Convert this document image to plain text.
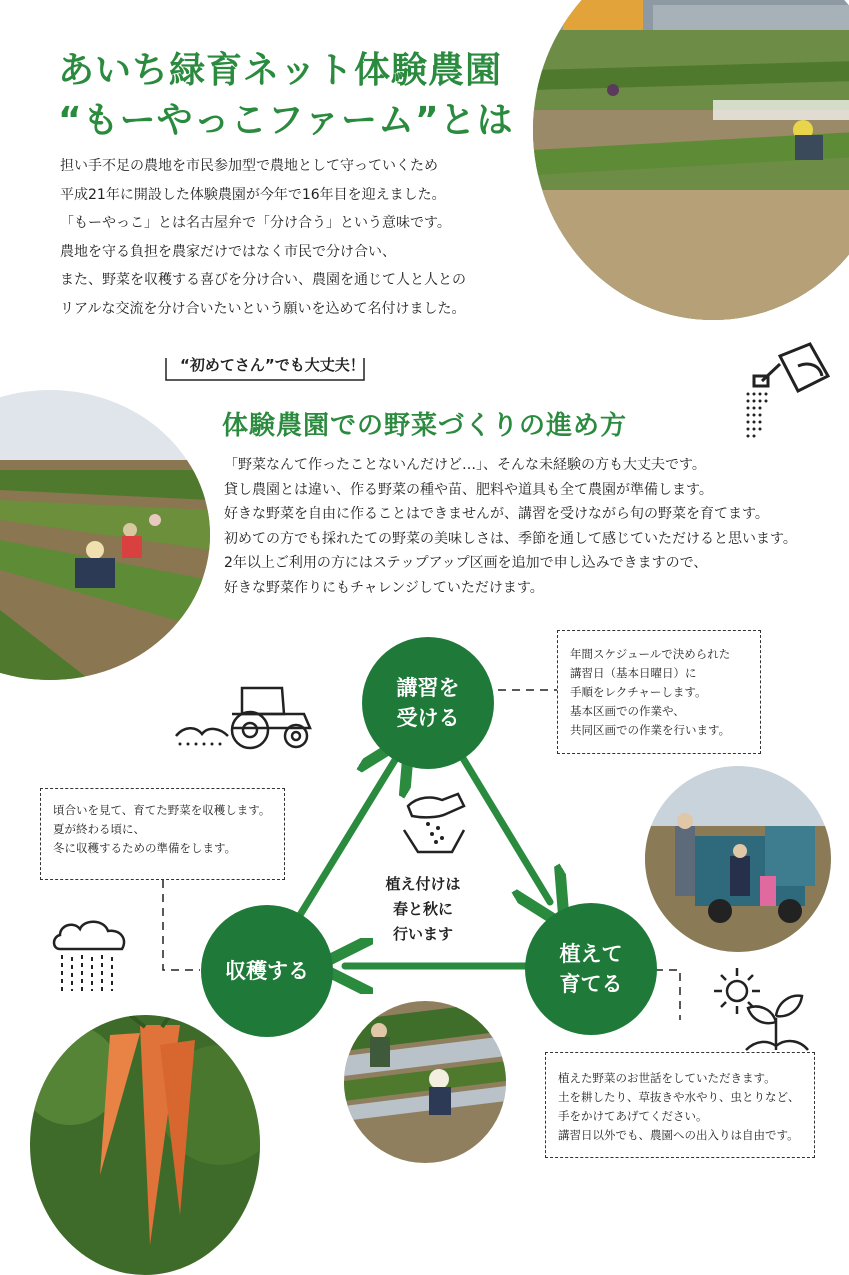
あいち緑育ネット体験農園
“もーやっこファーム”とは

担い手不足の農地を市民参加型で農地として守っていくため

平成21年に開設した体験農園が今年で16年目を迎えました。

「もーやっこ」とは名古屋弁で「分け合う」という意味です。

農地を守る負担を農家だけではなく市民で分け合い、

また、野菜を収穫する喜びを分け合い、農園を通じて人と人との

リアルな交流を分け合いたいという願いを込めて名付けました。

“初めてさん”でも大丈夫！
体験農園での野菜づくりの進め方

「野菜なんて作ったことないんだけど…」、そんな未経験の方も大丈夫です。

貸し農園とは違い、作る野菜の種や苗、肥料や道具も全て農園が準備します。

好きな野菜を自由に作ることはできませんが、講習を受けながら旬の野菜を育てます。

初めての方でも採れたての野菜の美味しさは、季節を通して感じていただけると思います。

2年以上ご利用の方にはステップアップ区画を追加で申し込みできますので、

好きな野菜作りにもチャレンジしていただけます。

講習を
受ける
植えて
育てる
収穫する
植え付けは
春と秋に
行います

年間スケジュールで決められた

講習日（基本日曜日）に

手順をレクチャーします。

基本区画での作業や、

共同区画での作業を行います。

頃合いを見て、育てた野菜を収穫します。

夏が終わる頃に、

冬に収穫するための準備をします。

植えた野菜のお世話をしていただきます。

土を耕したり、草抜きや水やり、虫とりなど、

手をかけてあげてください。

講習日以外でも、農園への出入りは自由です。
